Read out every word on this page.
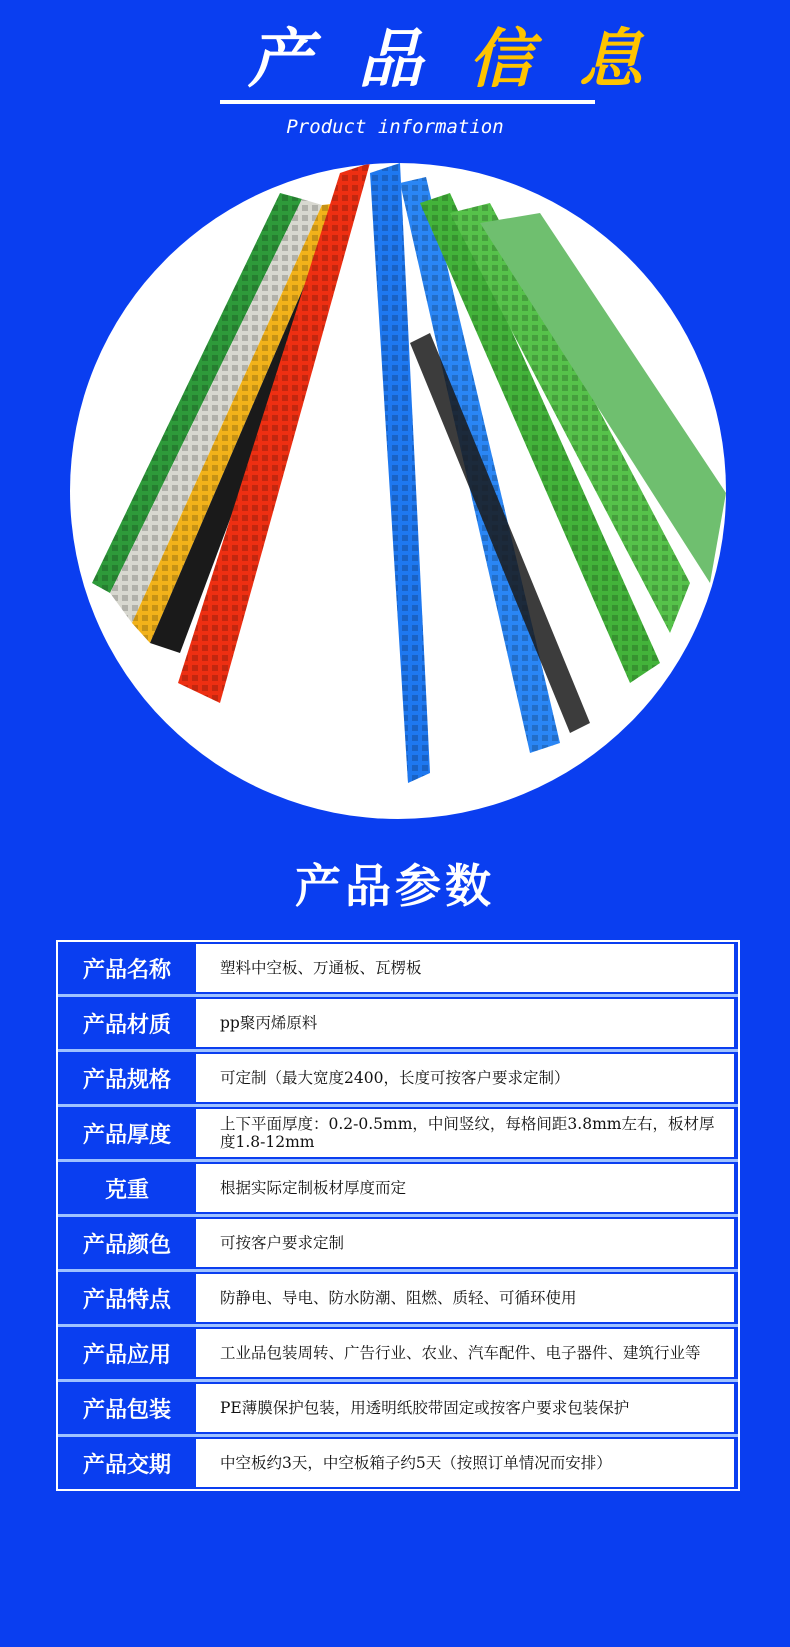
产 品 信 息
Product information
产品参数
产品名称	塑料中空板、万通板、瓦楞板
产品材质	pp聚丙烯原料
产品规格	可定制（最大宽度2400，长度可按客户要求定制）
产品厚度	上下平面厚度：0.2-0.5mm，中间竖纹，每格间距3.8mm左右，板材厚度1.8-12mm
克重	根据实际定制板材厚度而定
产品颜色	可按客户要求定制
产品特点	防静电、导电、防水防潮、阻燃、质轻、可循环使用
产品应用	工业品包装周转、广告行业、农业、汽车配件、电子器件、建筑行业等
产品包装	PE薄膜保护包装，用透明纸胶带固定或按客户要求包装保护
产品交期	中空板约3天，中空板箱子约5天（按照订单情况而安排）
